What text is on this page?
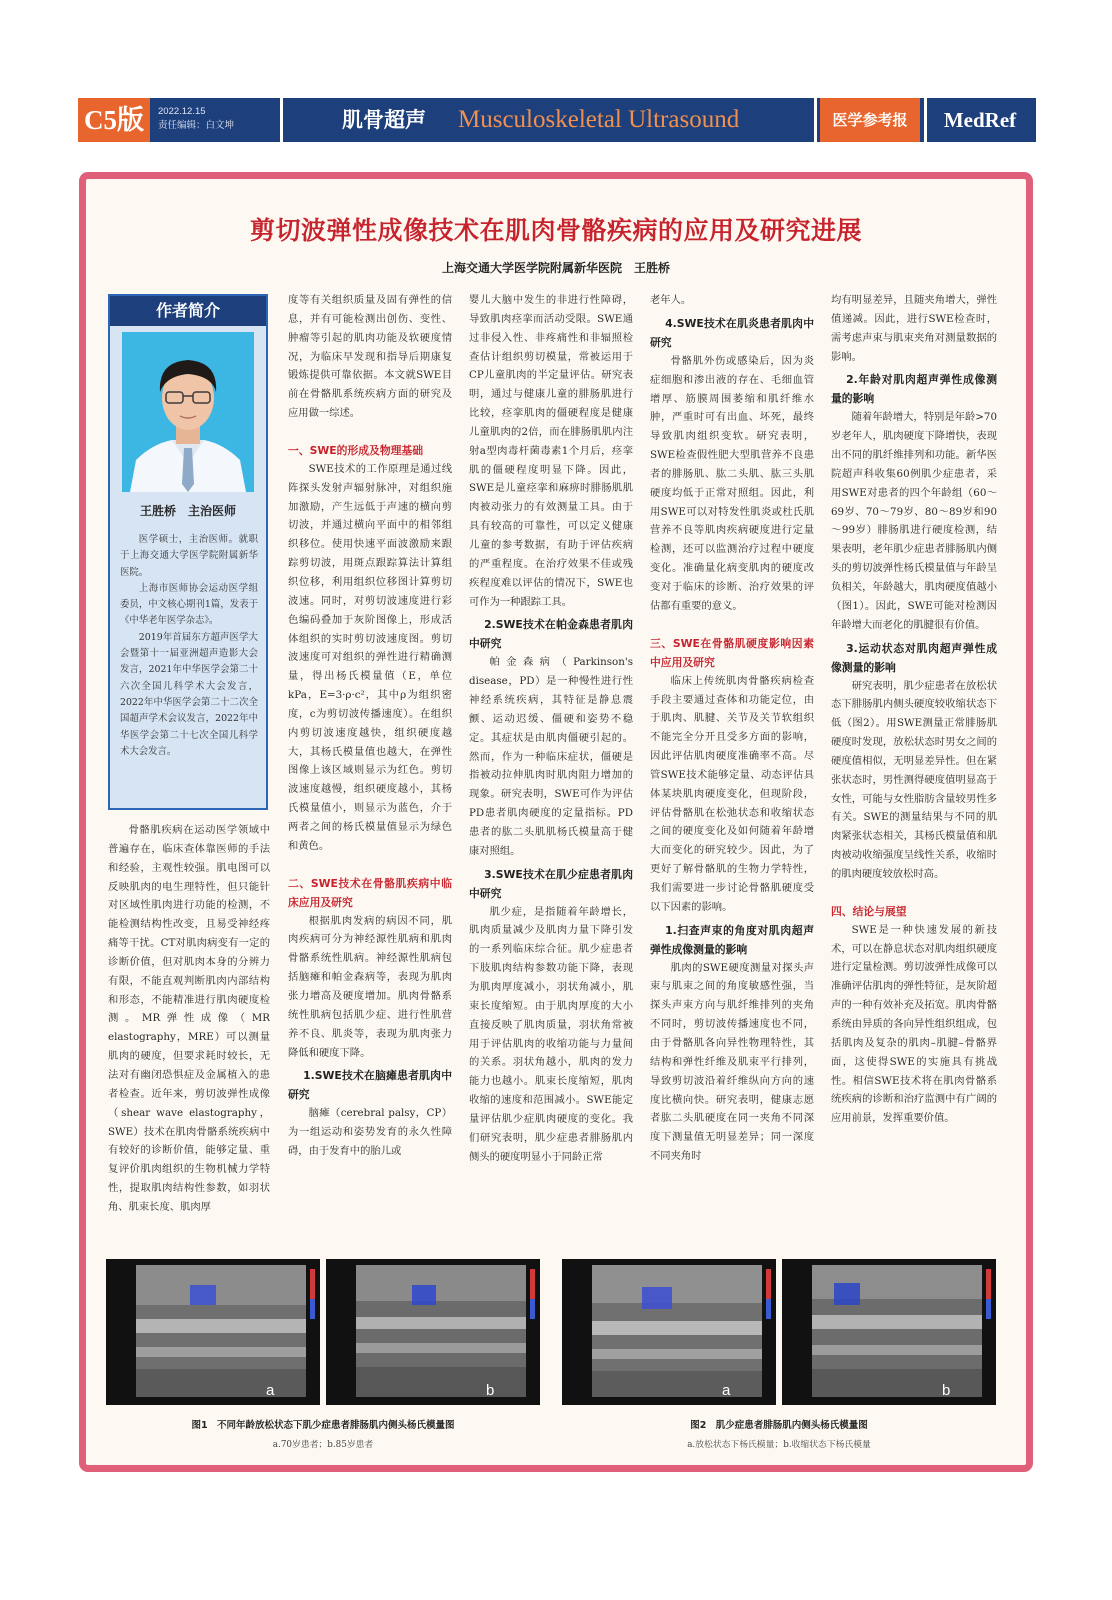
C5版	2022.12.15
责任编辑：白文坤	肌骨超声 Musculoskeletal Ultrasound	医学参考报	MedRef
剪切波弹性成像技术在肌肉骨骼疾病的应用及研究进展
上海交通大学医学院附属新华医院　王胜桥
作者简介
王胜桥　主治医师

医学硕士，主治医师。就职于上海交通大学医学院附属新华医院。

上海市医师协会运动医学组委员，中文核心期刊1篇，发表于《中华老年医学杂志》。

2019年首届东方超声医学大会暨第十一届亚洲超声造影大会发言，2021年中华医学会第二十六次全国儿科学术大会发言，2022年中华医学会第二十二次全国超声学术会议发言，2022年中华医学会第二十七次全国儿科学术大会发言。

骨骼肌疾病在运动医学领域中普遍存在，临床查体靠医师的手法和经验，主观性较强。肌电图可以反映肌肉的电生理特性，但只能针对区域性肌肉进行功能的检测，不能检测结构性改变，且易受神经疼痛等干扰。CT对肌肉病变有一定的诊断价值，但对肌肉本身的分辨力有限，不能直观判断肌肉内部结构和形态，不能精准进行肌肉硬度检测。MR弹性成像（MR elastography，MRE）可以测量肌肉的硬度，但要求耗时较长，无法对有幽闭恐惧症及金属植入的患者检查。近年来，剪切波弹性成像（shear wave elastography，SWE）技术在肌肉骨骼系统疾病中有较好的诊断价值，能够定量、重复评价肌肉组织的生物机械力学特性，提取肌肉结构性参数，如羽状角、肌束长度、肌肉厚

度等有关组织质量及固有弹性的信息，并有可能检测出创伤、变性、肿瘤等引起的肌肉功能及软硬度情况，为临床早发现和指导后期康复锻炼提供可靠依据。本文就SWE目前在骨骼肌系统疾病方面的研究及应用做一综述。

一、SWE的形成及物理基础

SWE技术的工作原理是通过线阵探头发射声辐射脉冲，对组织施加激励，产生远低于声速的横向剪切波，并通过横向平面中的相邻组织移位。使用快速平面波激励来跟踪剪切波，用斑点跟踪算法计算组织位移，利用组织位移图计算剪切波速。同时，对剪切波速度进行彩色编码叠加于灰阶图像上，形成活体组织的实时剪切波速度图。剪切波速度可对组织的弹性进行精确测量，得出杨氏模量值（E，单位kPa，E=3·ρ·c²，其中ρ为组织密度，c为剪切波传播速度）。在组织内剪切波速度越快，组织硬度越大，其杨氏模量值也越大，在弹性图像上该区域则显示为红色。剪切波速度越慢，组织硬度越小，其杨氏模量值小，则显示为蓝色，介于两者之间的杨氏模量值显示为绿色和黄色。

二、SWE技术在骨骼肌疾病中临床应用及研究

根据肌肉发病的病因不同，肌肉疾病可分为神经源性肌病和肌肉骨骼系统性肌病。神经源性肌病包括脑瘫和帕金森病等，表现为肌肉张力增高及硬度增加。肌肉骨骼系统性肌病包括肌少症、进行性肌营养不良、肌炎等，表现为肌肉张力降低和硬度下降。

1.SWE技术在脑瘫患者肌肉中研究

脑瘫（cerebral palsy，CP）为一组运动和姿势发育的永久性障碍，由于发育中的胎儿或

婴儿大脑中发生的非进行性障碍，导致肌肉痉挛而活动受限。SWE通过非侵入性、非疼痛性和非辐照检查估计组织剪切模量，常被运用于CP儿童肌肉的半定量评估。研究表明，通过与健康儿童的腓肠肌进行比较，痉挛肌肉的僵硬程度是健康儿童肌肉的2倍，而在腓肠肌肌内注射a型肉毒杆菌毒素1个月后，痉挛肌的僵硬程度明显下降。因此，SWE是儿童痉挛和麻痹时腓肠肌肌肉被动张力的有效测量工具。由于具有较高的可靠性，可以定义健康儿童的参考数据，有助于评估疾病的严重程度。在治疗效果不佳或残疾程度难以评估的情况下，SWE也可作为一种跟踪工具。

2.SWE技术在帕金森患者肌肉中研究

帕金森病（Parkinson's disease，PD）是一种慢性进行性神经系统疾病，其特征是静息震颤、运动迟缓、僵硬和姿势不稳定。其症状是由肌肉僵硬引起的。然而，作为一种临床症状，僵硬是指被动拉伸肌肉时肌肉阻力增加的现象。研究表明，SWE可作为评估PD患者肌肉硬度的定量指标。PD患者的肱二头肌肌杨氏模量高于健康对照组。

3.SWE技术在肌少症患者肌肉中研究

肌少症，是指随着年龄增长，肌肉质量减少及肌肉力量下降引发的一系列临床综合征。肌少症患者下肢肌肉结构参数功能下降，表现为肌肉厚度减小，羽状角减小，肌束长度缩短。由于肌肉厚度的大小直接反映了肌肉质量，羽状角常被用于评估肌肉的收缩功能与力量间的关系。羽状角越小，肌肉的发力能力也越小。肌束长度缩短，肌肉收缩的速度和范围减小。SWE能定量评估肌少症肌肉硬度的变化。我们研究表明，肌少症患者腓肠肌内侧头的硬度明显小于同龄正常

老年人。

4.SWE技术在肌炎患者肌肉中研究

骨骼肌外伤或感染后，因为炎症细胞和渗出液的存在、毛细血管增厚、筋膜周围萎缩和肌纤维水肿，严重时可有出血、坏死，最终导致肌肉组织变软。研究表明，SWE检查假性肥大型肌营养不良患者的腓肠肌、肱二头肌、肱三头肌硬度均低于正常对照组。因此，利用SWE可以对特发性肌炎或杜氏肌营养不良等肌肉疾病硬度进行定量检测，还可以监测治疗过程中硬度变化。准确量化病变肌肉的硬度改变对于临床的诊断、治疗效果的评估都有重要的意义。

三、SWE在骨骼肌硬度影响因素中应用及研究

临床上传统肌肉骨骼疾病检查手段主要通过查体和功能定位，由于肌肉、肌腱、关节及关节软组织不能完全分开且受多方面的影响，因此评估肌肉硬度准确率不高。尽管SWE技术能够定量、动态评估具体某块肌肉硬度变化，但现阶段，评估骨骼肌在松弛状态和收缩状态之间的硬度变化及如何随着年龄增大而变化的研究较少。因此，为了更好了解骨骼肌的生物力学特性，我们需要进一步讨论骨骼肌硬度受以下因素的影响。

1.扫查声束的角度对肌肉超声弹性成像测量的影响

肌肉的SWE硬度测量对探头声束与肌束之间的角度敏感性强，当探头声束方向与肌纤维排列的夹角不同时，剪切波传播速度也不同，由于骨骼肌各向异性物理特性，其结构和弹性纤维及肌束平行排列，导致剪切波沿着纤维纵向方向的速度比横向快。研究表明，健康志愿者肱二头肌硬度在同一夹角不同深度下测量值无明显差异；同一深度不同夹角时

均有明显差异，且随夹角增大，弹性值递减。因此，进行SWE检查时，需考虑声束与肌束夹角对测量数据的影响。

2.年龄对肌肉超声弹性成像测量的影响

随着年龄增大，特别是年龄>70岁老年人，肌肉硬度下降增快，表现出不同的肌纤维排列和功能。新华医院超声科收集60例肌少症患者，采用SWE对患者的四个年龄组（60～69岁、70～79岁、80～89岁和90～99岁）腓肠肌进行硬度检测，结果表明，老年肌少症患者腓肠肌内侧头的剪切波弹性杨氏模量值与年龄呈负相关，年龄越大，肌肉硬度值越小（图1）。因此，SWE可能对检测因年龄增大而老化的肌腱很有价值。

3.运动状态对肌肉超声弹性成像测量的影响

研究表明，肌少症患者在放松状态下腓肠肌内侧头硬度较收缩状态下低（图2）。用SWE测量正常腓肠肌硬度时发现，放松状态时男女之间的硬度值相似，无明显差异性。但在紧张状态时，男性测得硬度值明显高于女性，可能与女性脂肪含量较男性多有关。SWE的测量结果与不同的肌肉紧张状态相关，其杨氏模量值和肌肉被动收缩强度呈线性关系，收缩时的肌肉硬度较放松时高。

四、结论与展望

SWE是一种快速发展的新技术，可以在静息状态对肌肉组织硬度进行定量检测。剪切波弹性成像可以准确评估肌肉的弹性特征，是灰阶超声的一种有效补充及拓宽。肌肉骨骼系统由异质的各向异性组织组成，包括肌肉及复杂的肌肉–肌腱–骨骼界面，这使得SWE的实施具有挑战性。相信SWE技术将在肌肉骨骼系统疾病的诊断和治疗监测中有广阔的应用前景，发挥重要价值。

a	b	a	b
图1　不同年龄放松状态下肌少症患者腓肠肌内侧头杨氏模量图
a.70岁患者；b.85岁患者
图2　肌少症患者腓肠肌内侧头杨氏模量图
a.放松状态下杨氏模量；b.收缩状态下杨氏模量
